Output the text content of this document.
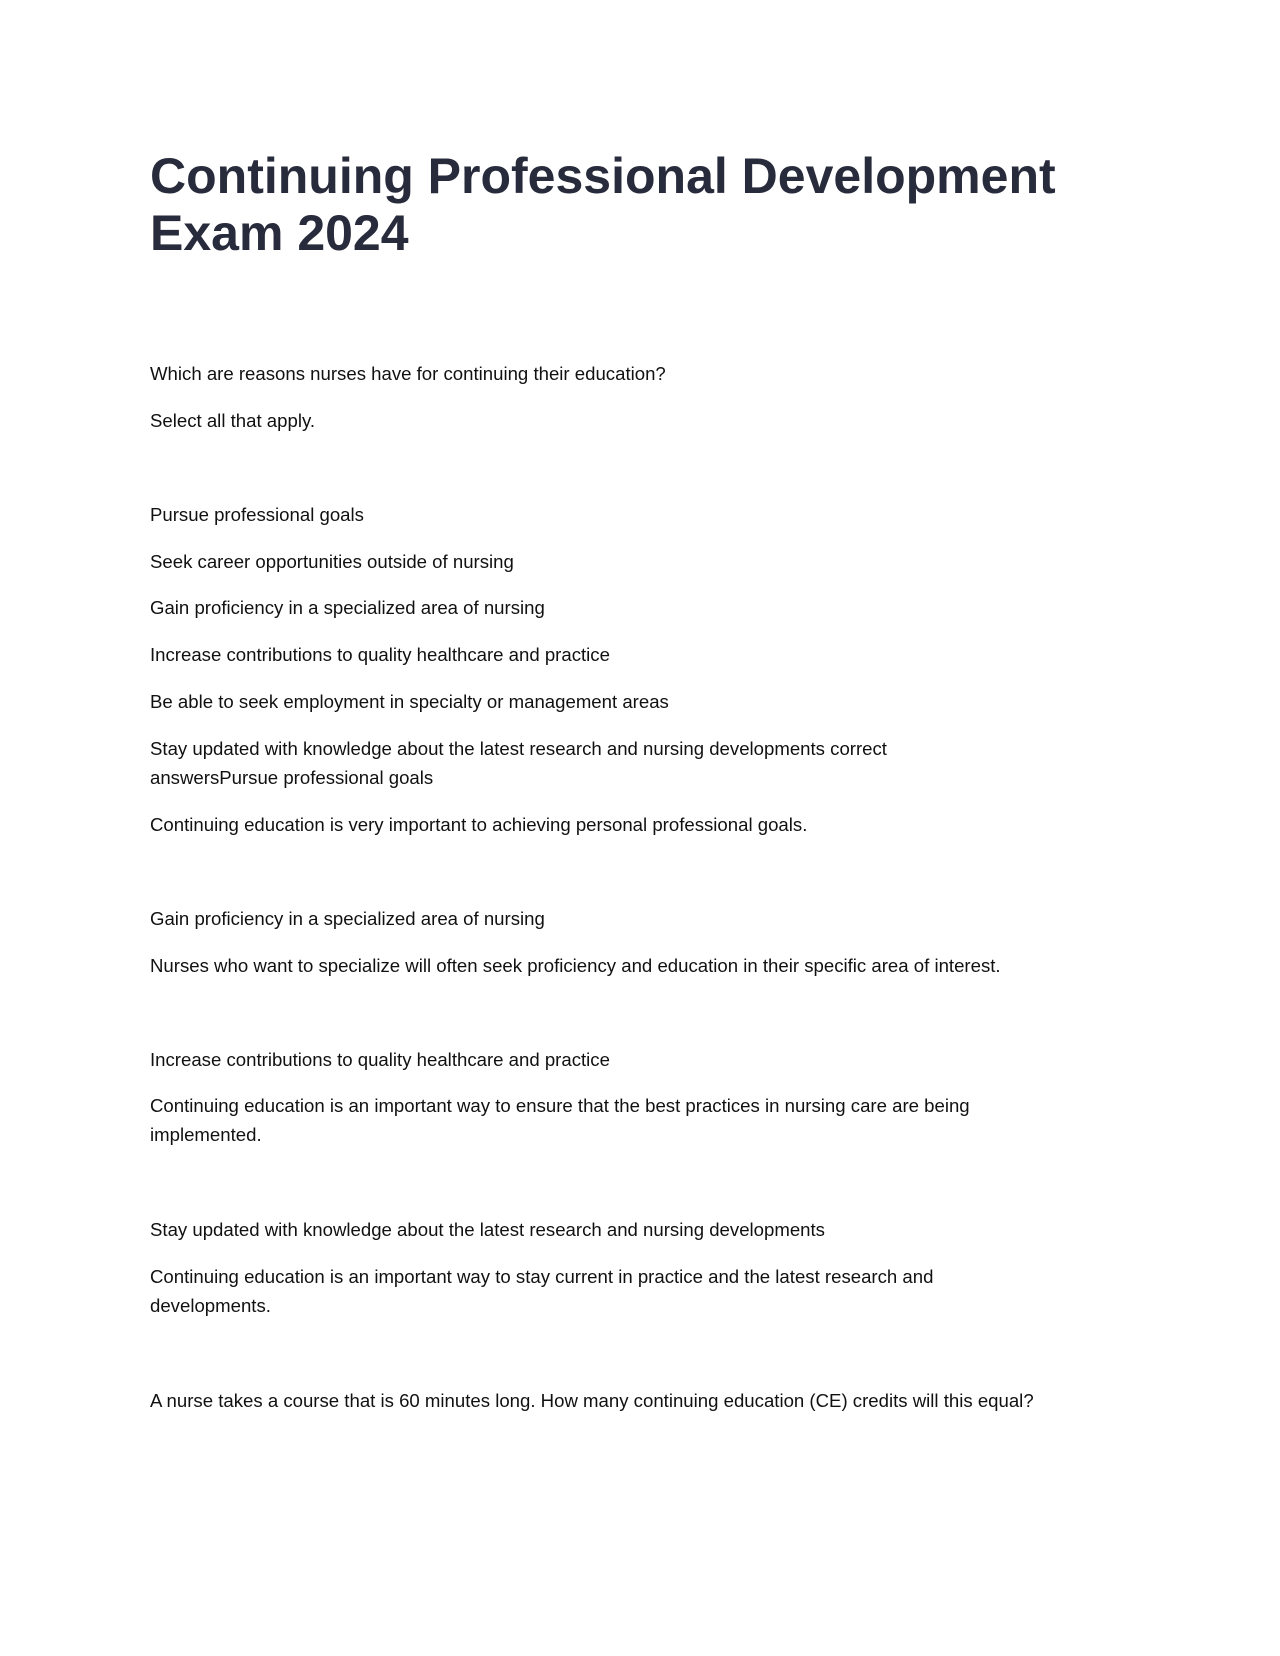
Continuing Professional Development Exam 2024

Which are reasons nurses have for continuing their education?

Select all that apply.

Pursue professional goals

Seek career opportunities outside of nursing

Gain proficiency in a specialized area of nursing

Increase contributions to quality healthcare and practice

Be able to seek employment in specialty or management areas

Stay updated with knowledge about the latest research and nursing developments correct answersPursue professional goals

Continuing education is very important to achieving personal professional goals.

Gain proficiency in a specialized area of nursing

Nurses who want to specialize will often seek proficiency and education in their specific area of interest.

Increase contributions to quality healthcare and practice

Continuing education is an important way to ensure that the best practices in nursing care are being implemented.

Stay updated with knowledge about the latest research and nursing developments

Continuing education is an important way to stay current in practice and the latest research and developments.

A nurse takes a course that is 60 minutes long. How many continuing education (CE) credits will this equal?
